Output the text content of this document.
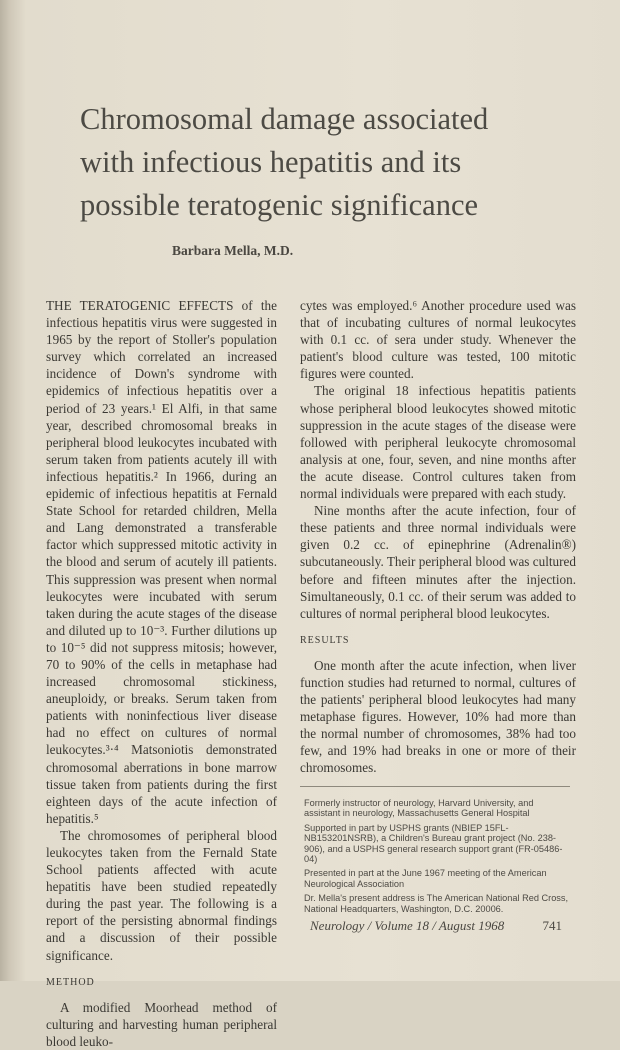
Chromosomal damage associated
with infectious hepatitis and its
possible teratogenic significance
Barbara Mella, M.D.

THE TERATOGENIC EFFECTS of the infectious hepatitis virus were suggested in 1965 by the report of Stoller's population survey which correlated an increased incidence of Down's syndrome with epidemics of infectious hepatitis over a period of 23 years.¹ El Alfi, in that same year, described chromosomal breaks in peripheral blood leukocytes incubated with serum taken from patients acutely ill with infectious hepatitis.² In 1966, during an epidemic of infectious hepatitis at Fernald State School for retarded children, Mella and Lang demonstrated a transferable factor which suppressed mitotic activity in the blood and serum of acutely ill patients. This suppression was present when normal leukocytes were incubated with serum taken during the acute stages of the disease and diluted up to 10⁻³. Further dilutions up to 10⁻⁵ did not suppress mitosis; however, 70 to 90% of the cells in metaphase had increased chromosomal stickiness, aneuploidy, or breaks. Serum taken from patients with noninfectious liver disease had no effect on cultures of normal leukocytes.³·⁴ Matsoniotis demonstrated chromosomal aberrations in bone marrow tissue taken from patients during the first eighteen days of the acute infection of hepatitis.⁵

The chromosomes of peripheral blood leukocytes taken from the Fernald State School patients affected with acute hepatitis have been studied repeatedly during the past year. The following is a report of the persisting abnormal findings and a discussion of their possible significance.

METHOD

A modified Moorhead method of culturing and harvesting human peripheral blood leuko-

cytes was employed.⁶ Another procedure used was that of incubating cultures of normal leukocytes with 0.1 cc. of sera under study. Whenever the patient's blood culture was tested, 100 mitotic figures were counted.

The original 18 infectious hepatitis patients whose peripheral blood leukocytes showed mitotic suppression in the acute stages of the disease were followed with peripheral leukocyte chromosomal analysis at one, four, seven, and nine months after the acute disease. Control cultures taken from normal individuals were prepared with each study.

Nine months after the acute infection, four of these patients and three normal individuals were given 0.2 cc. of epinephrine (Adrenalin®) subcutaneously. Their peripheral blood was cultured before and fifteen minutes after the injection. Simultaneously, 0.1 cc. of their serum was added to cultures of normal peripheral blood leukocytes.

RESULTS

One month after the acute infection, when liver function studies had returned to normal, cultures of the patients' peripheral blood leukocytes had many metaphase figures. However, 10% had more than the normal number of chromosomes, 38% had too few, and 19% had breaks in one or more of their chromosomes.

Formerly instructor of neurology, Harvard University, and assistant in neurology, Massachusetts General Hospital

Supported in part by USPHS grants (NBIEP 15FL-NB153201NSRB), a Children's Bureau grant project (No. 238-906), and a USPHS general research support grant (FR-05486-04)

Presented in part at the June 1967 meeting of the American Neurological Association

Dr. Mella's present address is The American National Red Cross, National Headquarters, Washington, D.C. 20006.

Neurology / Volume 18 / August 1968	741
